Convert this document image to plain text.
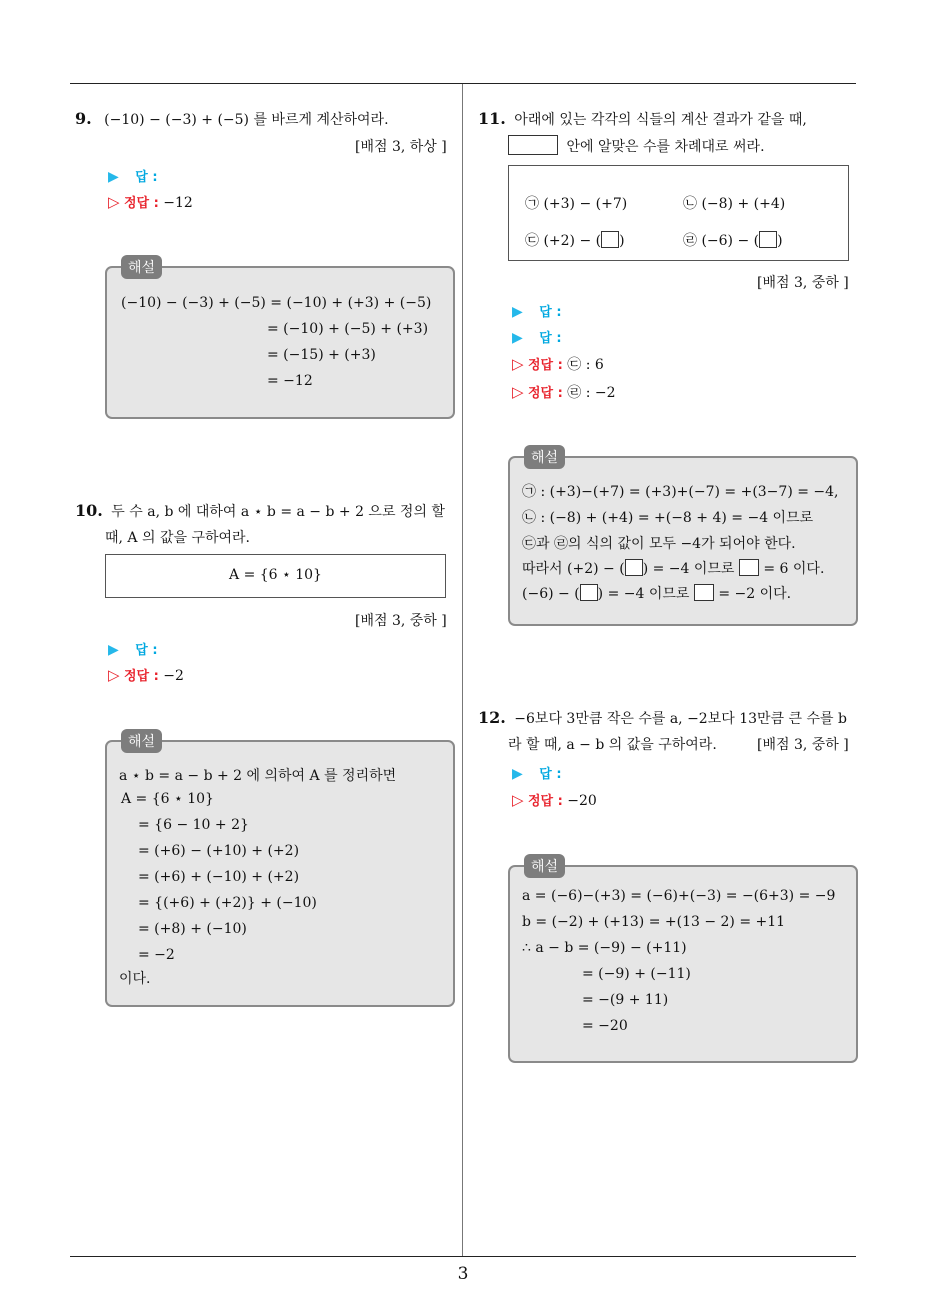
3
9. (−10) − (−3) + (−5) 를 바르게 계산하여라.
[배점 3, 하상 ]
▶ 답 :
▷ 정답 : −12
해설
(−10) − (−3) + (−5) = (−10) + (+3) + (−5)
= (−10) + (−5) + (+3)
= (−15) + (+3)
= −12
10. 두 수 a, b 에 대하여 a ⋆ b = a − b + 2 으로 정의 할
때, A 의 값을 구하여라.
A = {6 ⋆ 10}
[배점 3, 중하 ]
▶ 답 :
▷ 정답 : −2
해설
a ⋆ b = a − b + 2 에 의하여 A 를 정리하면
A = {6 ⋆ 10}
= {6 − 10 + 2}
= (+6) − (+10) + (+2)
= (+6) + (−10) + (+2)
= {(+6) + (+2)} + (−10)
= (+8) + (−10)
= −2
이다.
11. 아래에 있는 각각의 식들의 계산 결과가 같을 때,
안에 알맞은 수를 차례대로 써라.
㉠ (+3) − (+7)	㉡ (−8) + (+4)
㉢ (+2) − ( )	㉣ (−6) − ( )
[배점 3, 중하 ]
▶ 답 :
▶ 답 :
▷ 정답 : ㉢ : 6
▷ 정답 : ㉣ : −2
해설
㉠ : (+3)−(+7) = (+3)+(−7) = +(3−7) = −4,
㉡ : (−8) + (+4) = +(−8 + 4) = −4 이므로
㉢과 ㉣의 식의 값이 모두 −4가 되어야 한다.
따라서 (+2) − ( ) = −4 이므로 = 6 이다.
(−6) − ( ) = −4 이므로 = −2 이다.
12. −6보다 3만큼 작은 수를 a, −2보다 13만큼 큰 수를 b
라 할 때, a − b 의 값을 구하여라.	[배점 3, 중하 ]
▶ 답 :
▷ 정답 : −20
해설
a = (−6)−(+3) = (−6)+(−3) = −(6+3) = −9
b = (−2) + (+13) = +(13 − 2) = +11
∴ a − b = (−9) − (+11)
= (−9) + (−11)
= −(9 + 11)
= −20
